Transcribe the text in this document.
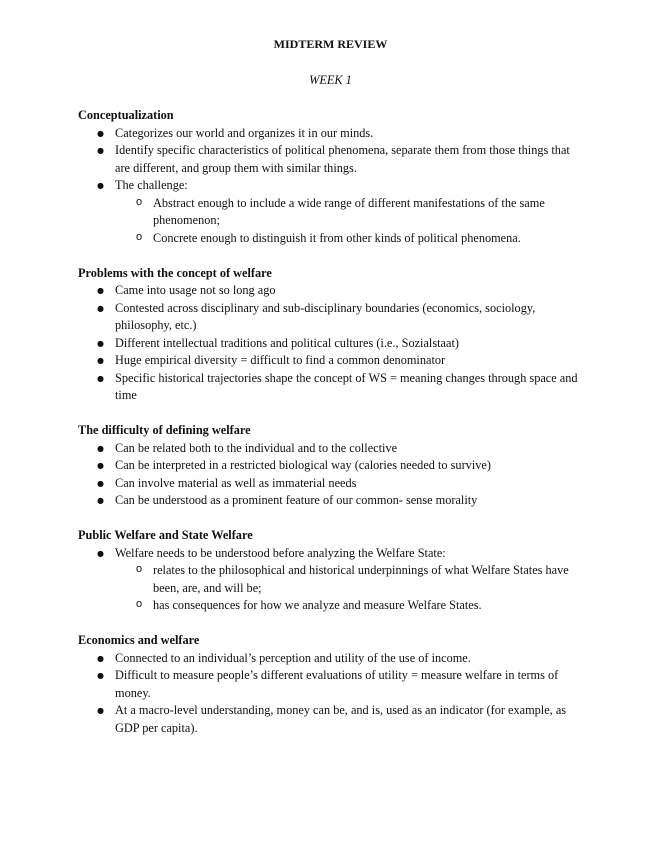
MIDTERM REVIEW
WEEK 1
Conceptualization
● Categorizes our world and organizes it in our minds.
● Identify specific characteristics of political phenomena, separate them from those things that are different, and group them with similar things.
● The challenge:
o Abstract enough to include a wide range of different manifestations of the same phenomenon;
o Concrete enough to distinguish it from other kinds of political phenomena.
Problems with the concept of welfare
● Came into usage not so long ago
● Contested across disciplinary and sub-disciplinary boundaries (economics, sociology, philosophy, etc.)
● Different intellectual traditions and political cultures (i.e., Sozialstaat)
● Huge empirical diversity = difficult to find a common denominator
● Specific historical trajectories shape the concept of WS = meaning changes through space and time
The difficulty of defining welfare
● Can be related both to the individual and to the collective
● Can be interpreted in a restricted biological way (calories needed to survive)
● Can involve material as well as immaterial needs
● Can be understood as a prominent feature of our common- sense morality
Public Welfare and State Welfare
● Welfare needs to be understood before analyzing the Welfare State:
o relates to the philosophical and historical underpinnings of what Welfare States have been, are, and will be;
o has consequences for how we analyze and measure Welfare States.
Economics and welfare
● Connected to an individual’s perception and utility of the use of income.
● Difficult to measure people’s different evaluations of utility = measure welfare in terms of money.
● At a macro-level understanding, money can be, and is, used as an indicator (for example, as GDP per capita).
